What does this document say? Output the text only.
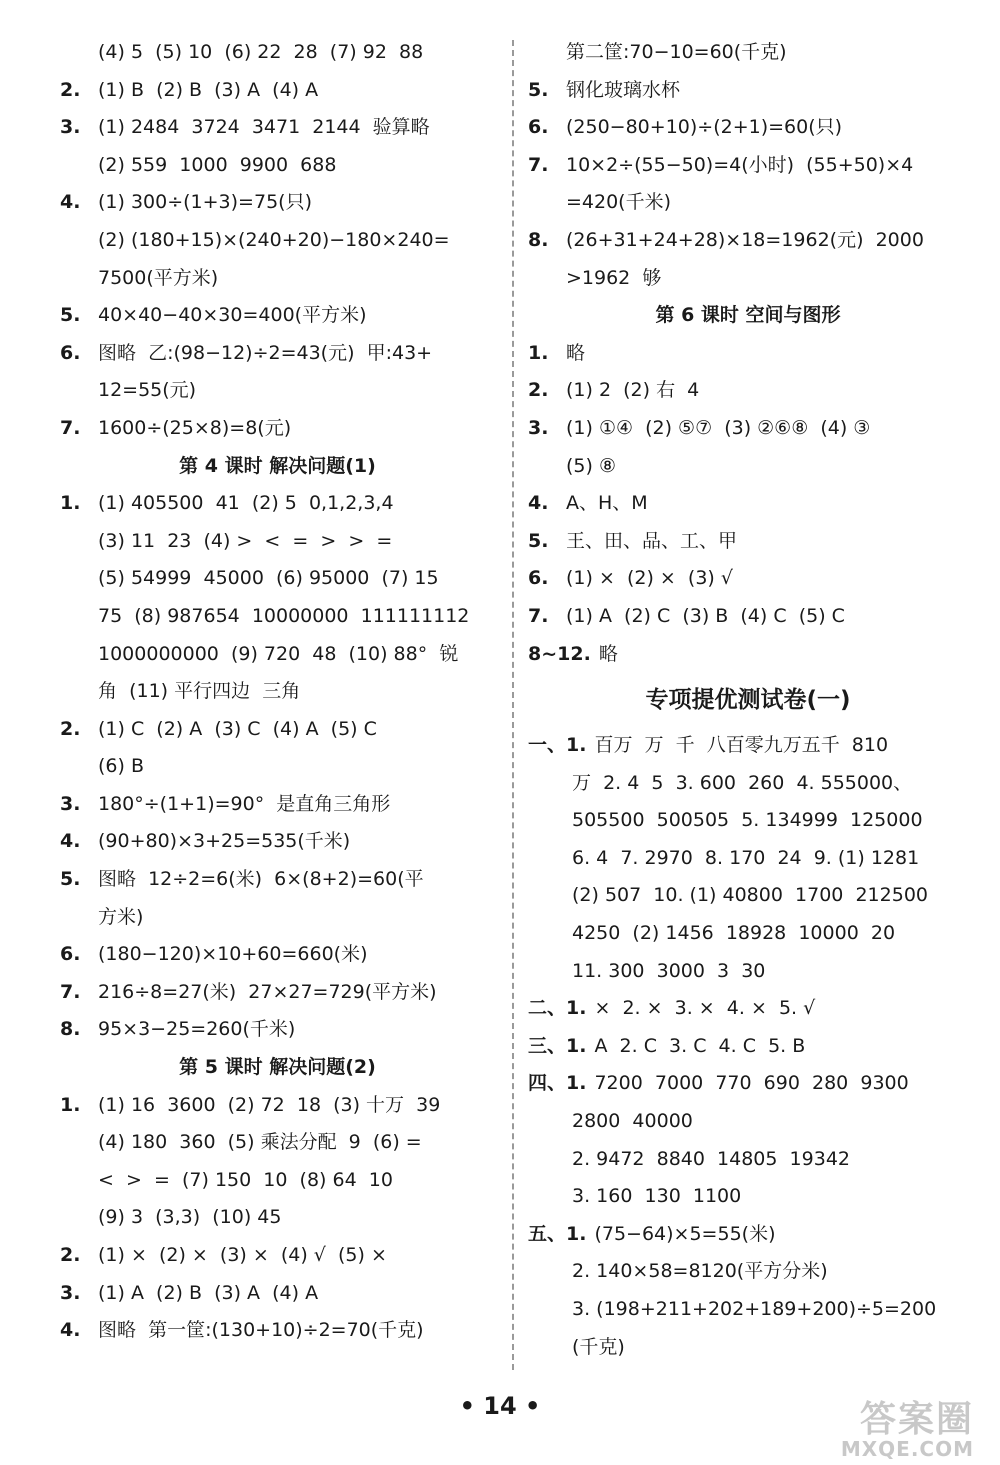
(4) 5  (5) 10  (6) 22  28  (7) 92  88
2. (1) B  (2) B  (3) A  (4) A
3. (1) 2484  3724  3471  2144  验算略
(2) 559  1000  9900  688
4. (1) 300÷(1+3)=75(只)
(2) (180+15)×(240+20)−180×240=
7500(平方米)
5. 40×40−40×30=400(平方米)
6. 图略  乙:(98−12)÷2=43(元)  甲:43+
12=55(元)
7. 1600÷(25×8)=8(元)
第 4 课时 解决问题(1)
1. (1) 405500  41  (2) 5  0,1,2,3,4
(3) 11  23  (4) >  <  =  >  >  =
(5) 54999  45000  (6) 95000  (7) 15
75  (8) 987654  10000000  111111112
1000000000  (9) 720  48  (10) 88°  锐
角  (11) 平行四边  三角
2. (1) C  (2) A  (3) C  (4) A  (5) C
(6) B
3. 180°÷(1+1)=90°  是直角三角形
4. (90+80)×3+25=535(千米)
5. 图略  12÷2=6(米)  6×(8+2)=60(平
方米)
6. (180−120)×10+60=660(米)
7. 216÷8=27(米)  27×27=729(平方米)
8. 95×3−25=260(千米)
第 5 课时 解决问题(2)
1. (1) 16  3600  (2) 72  18  (3) 十万  39
(4) 180  360  (5) 乘法分配  9  (6) =
<  >  =  (7) 150  10  (8) 64  10
(9) 3  (3,3)  (10) 45
2. (1) ×  (2) ×  (3) ×  (4) √  (5) ×
3. (1) A  (2) B  (3) A  (4) A
4. 图略  第一筐:(130+10)÷2=70(千克)
第二筐:70−10=60(千克)
5. 钢化玻璃水杯
6. (250−80+10)÷(2+1)=60(只)
7. 10×2÷(55−50)=4(小时)  (55+50)×4
=420(千米)
8. (26+31+24+28)×18=1962(元)  2000
>1962  够
第 6 课时 空间与图形
1. 略
2. (1) 2  (2) 右  4
3. (1) ①④  (2) ⑤⑦  (3) ②⑥⑧  (4) ③
(5) ⑧
4. A、H、M
5. 王、田、品、工、甲
6. (1) ×  (2) ×  (3) √
7. (1) A  (2) C  (3) B  (4) C  (5) C
8~12. 略
专项提优测试卷(一)
一、1. 百万  万  千  八百零九万五千  810
万  2. 4  5  3. 600  260  4. 555000、
505500  500505  5. 134999  125000
6. 4  7. 2970  8. 170  24  9. (1) 1281
(2) 507  10. (1) 40800  1700  212500
4250  (2) 1456  18928  10000  20
11. 300  3000  3  30
二、1. ×  2. ×  3. ×  4. ×  5. √
三、1. A  2. C  3. C  4. C  5. B
四、1. 7200  7000  770  690  280  9300
2800  40000
2. 9472  8840  14805  19342
3. 160  130  1100
五、1. (75−64)×5=55(米)
2. 140×58=8120(平方分米)
3. (198+211+202+189+200)÷5=200
(千克)
• 14 •	答案圈
MXQE.COM
